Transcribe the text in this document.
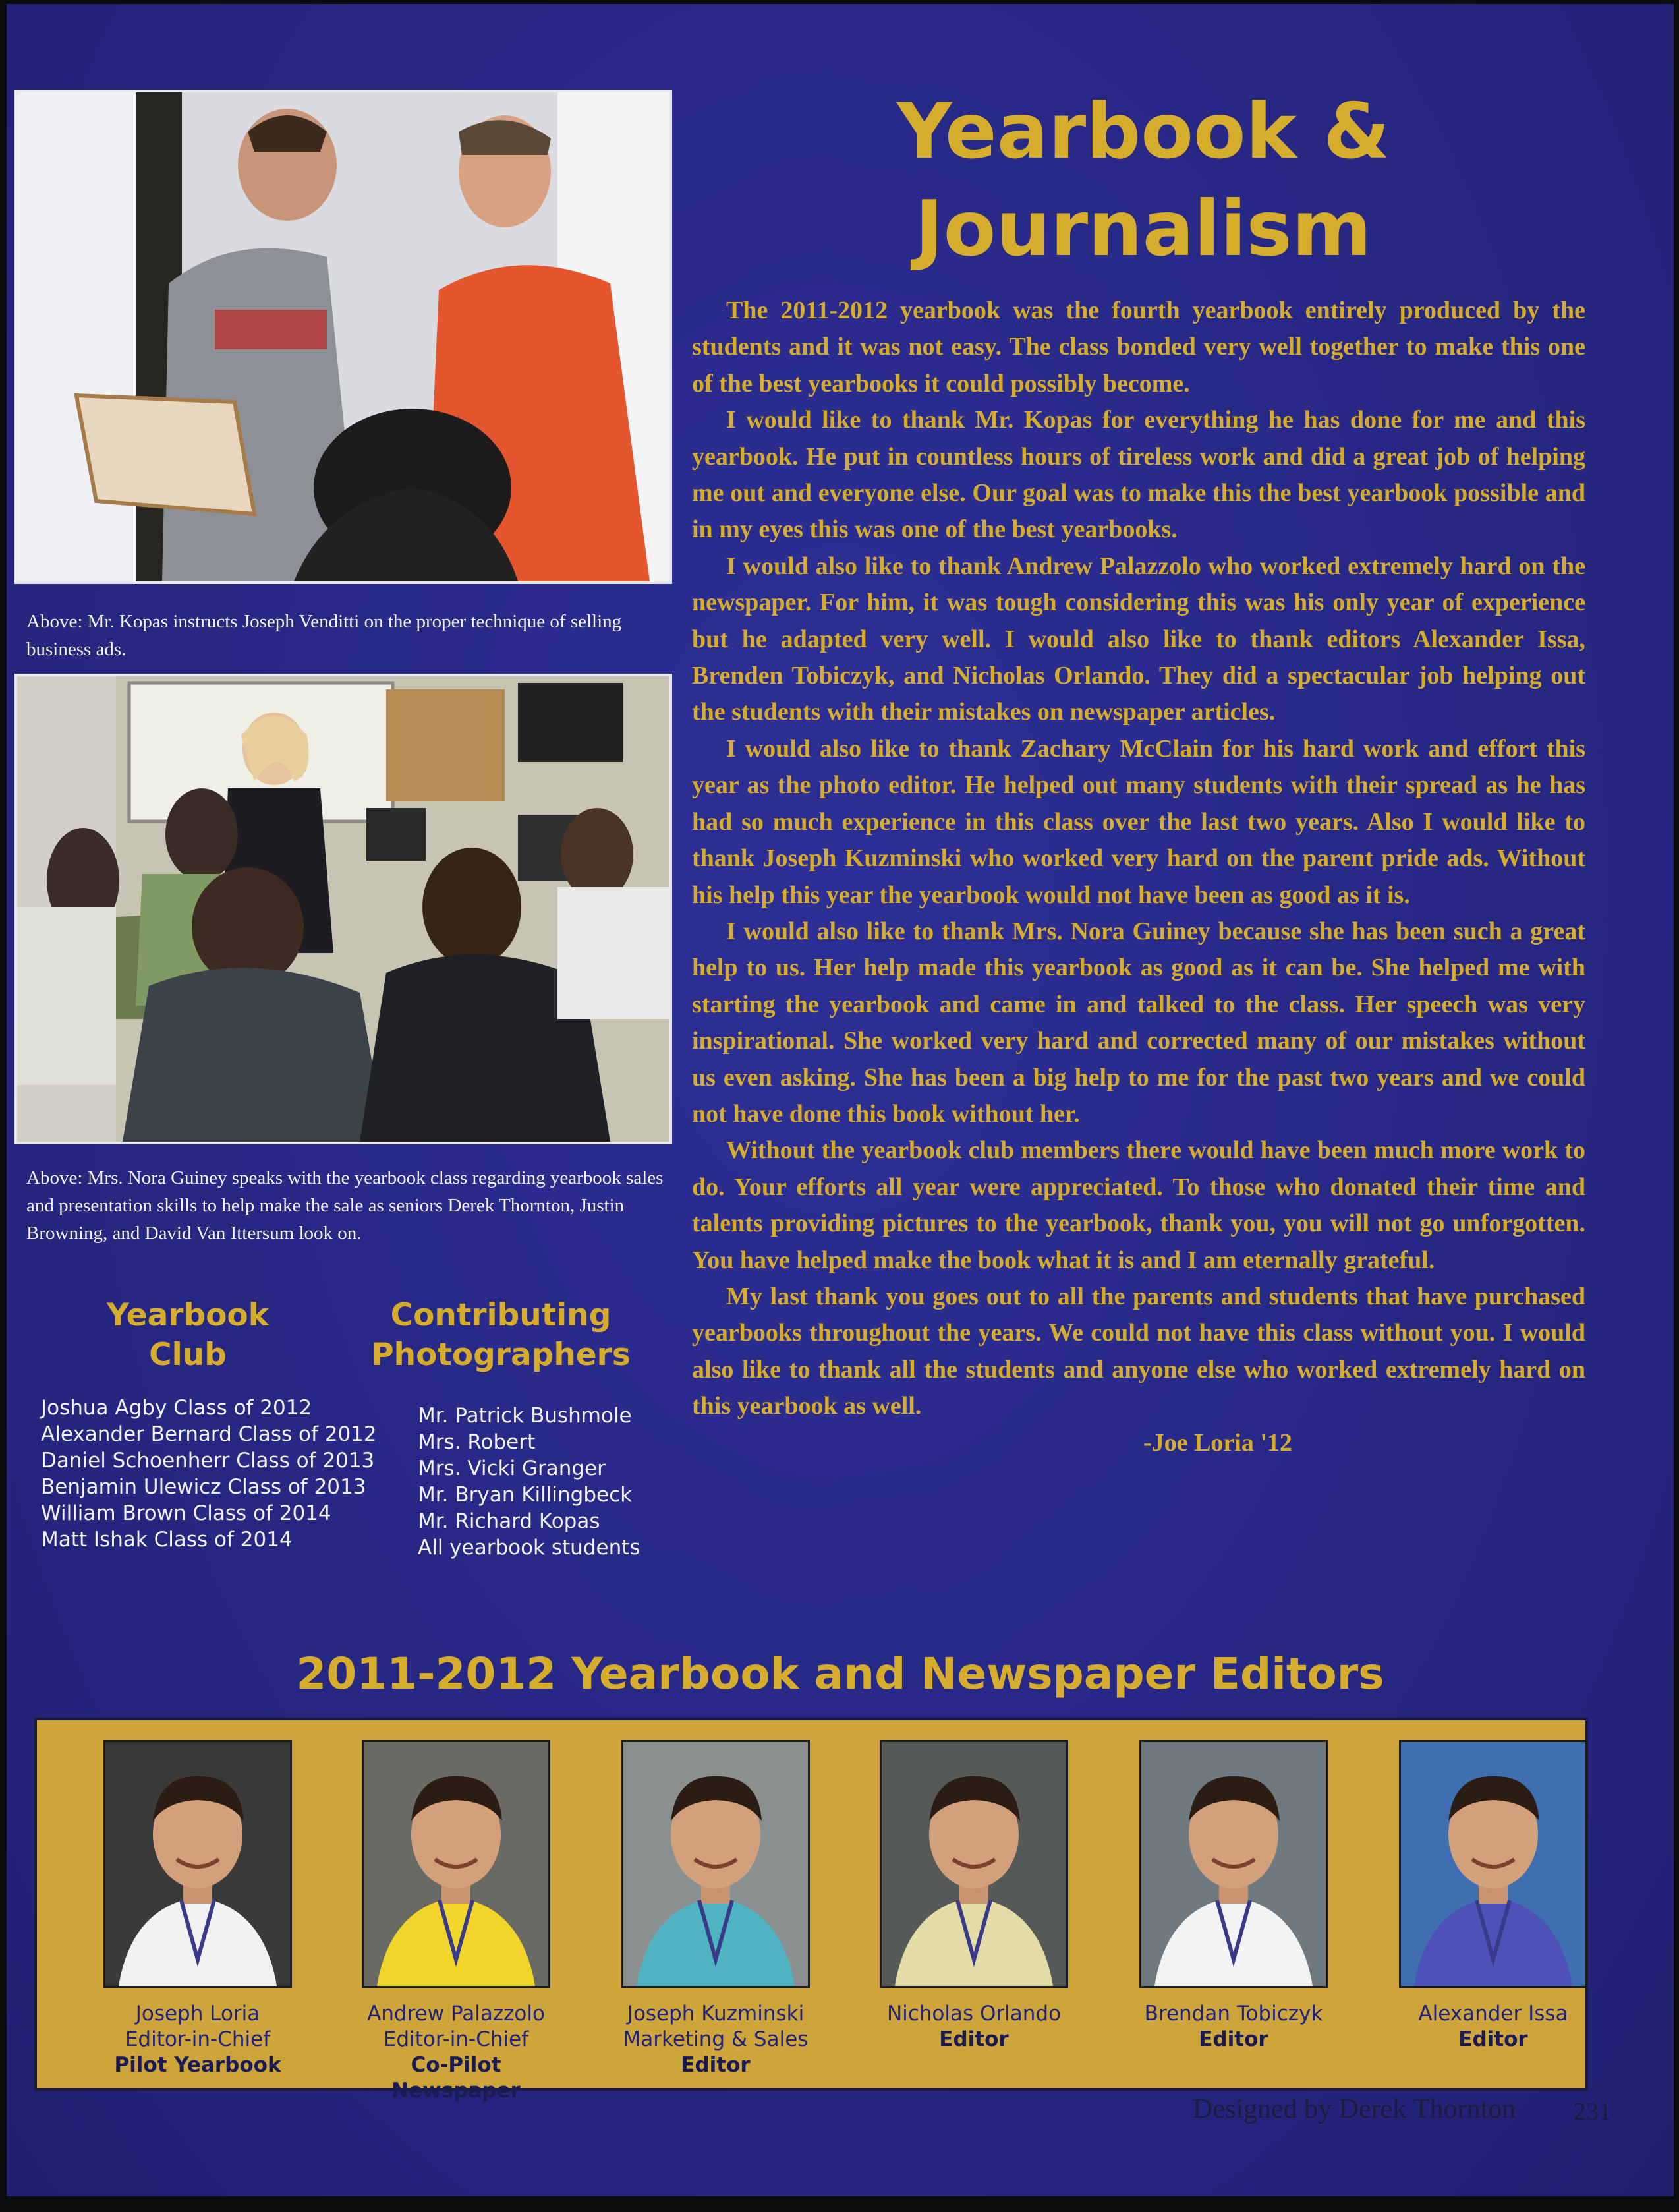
Above: Mr. Kopas instructs Joseph Venditti on the proper technique of selling business ads.
Above: Mrs. Nora Guiney speaks with the yearbook class regarding yearbook sales and presentation skills to help make the sale as seniors Derek Thornton, Justin Browning, and David Van Ittersum look on.
Yearbook &
Journalism

The 2011-2012 yearbook was the fourth yearbook entirely produced by the students and it was not easy. The class bonded very well together to make this one of the best yearbooks it could possibly become.

I would like to thank Mr. Kopas for everything he has done for me and this yearbook. He put in countless hours of tireless work and did a great job of helping me out and everyone else. Our goal was to make this the best yearbook possible and in my eyes this was one of the best yearbooks.

I would also like to thank Andrew Palazzolo who worked extremely hard on the newspaper. For him, it was tough considering this was his only year of experience but he adapted very well. I would also like to thank editors Alexander Issa, Brenden Tobiczyk, and Nicholas Orlando. They did a spectacular job helping out the students with their mistakes on newspaper articles.

I would also like to thank Zachary McClain for his hard work and effort this year as the photo editor. He helped out many students with their spread as he has had so much experience in this class over the last two years. Also I would like to thank Joseph Kuzminski who worked very hard on the parent pride ads. Without his help this year the yearbook would not have been as good as it is.

I would also like to thank Mrs. Nora Guiney because she has been such a great help to us. Her help made this yearbook as good as it can be. She helped me with starting the yearbook and came in and talked to the class. Her speech was very inspirational. She worked very hard and corrected many of our mistakes without us even asking. She has been a big help to me for the past two years and we could not have done this book without her.

Without the yearbook club members there would have been much more work to do. Your efforts all year were appreciated. To those who donated their time and talents providing pictures to the yearbook, thank you, you will not go unforgotten. You have helped make the book what it is and I am eternally grateful.

My last thank you goes out to all the parents and students that have purchased yearbooks throughout the years. We could not have this class without you. I would also like to thank all the students and anyone else who worked extremely hard on this yearbook as well.

-Joe Loria '12

Yearbook
Club
Joshua Agby Class of 2012
Alexander Bernard Class of 2012
Daniel Schoenherr Class of 2013
Benjamin Ulewicz Class of 2013
William Brown Class of 2014
Matt Ishak Class of 2014
Contributing
Photographers
Mr. Patrick Bushmole
Mrs. Robert
Mrs. Vicki Granger
Mr. Bryan Killingbeck
Mr. Richard Kopas
All yearbook students
2011-2012 Yearbook and Newspaper Editors
Joseph Loria
Editor-in-Chief
Pilot Yearbook
Andrew Palazzolo
Editor-in-Chief
Co-Pilot Newspaper
Joseph Kuzminski
Marketing & Sales
Editor
Nicholas Orlando
Editor
Brendan Tobiczyk
Editor
Alexander Issa
Editor
Designed by Derek Thornton 231
